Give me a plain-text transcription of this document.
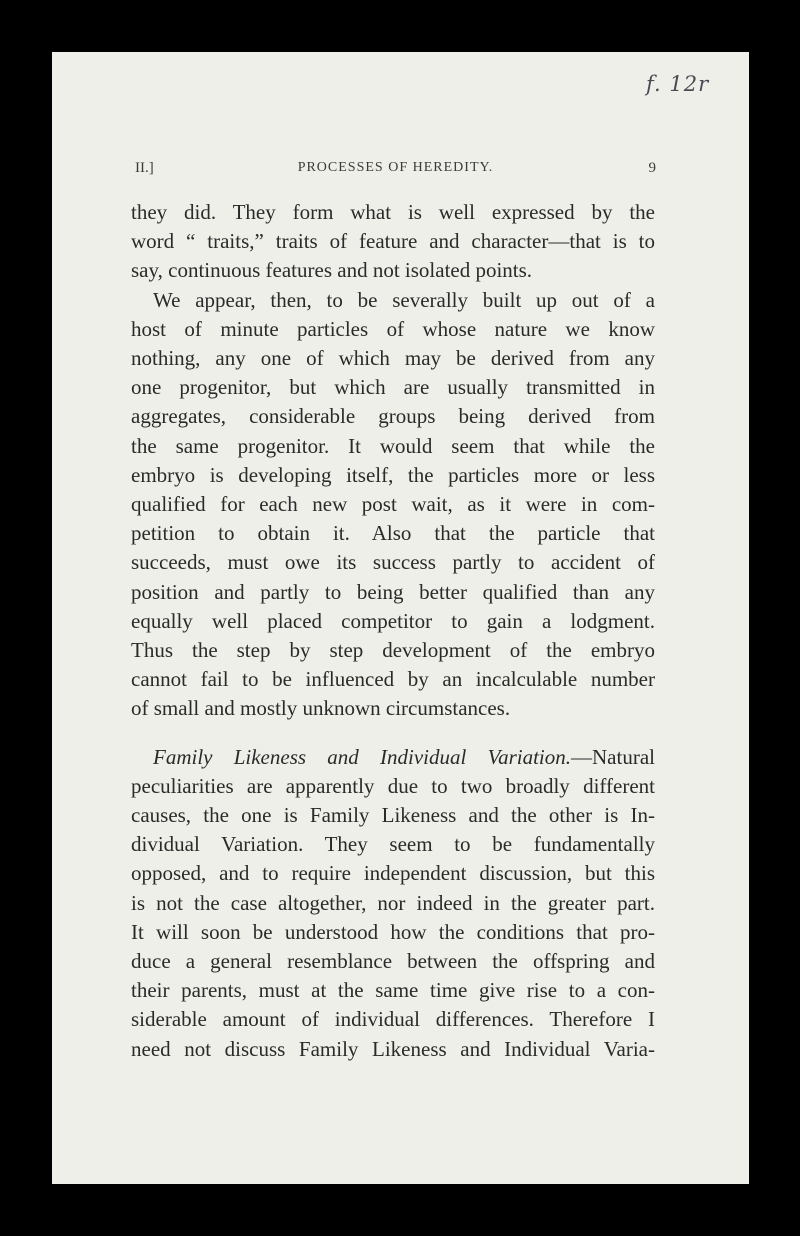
f. 12r
II.]	PROCESSES OF HEREDITY.	9
they did. They form what is well expressed by the
word “ traits,” traits of feature and character—that is to
say, continuous features and not isolated points.
We appear, then, to be severally built up out of a
host of minute particles of whose nature we know
nothing, any one of which may be derived from any
one progenitor, but which are usually transmitted in
aggregates, considerable groups being derived from
the same progenitor. It would seem that while the
embryo is developing itself, the particles more or less
qualified for each new post wait, as it were in com-
petition to obtain it. Also that the particle that
succeeds, must owe its success partly to accident of
position and partly to being better qualified than any
equally well placed competitor to gain a lodgment.
Thus the step by step development of the embryo
cannot fail to be influenced by an incalculable number
of small and mostly unknown circumstances.
Family Likeness and Individual Variation.—Natural
peculiarities are apparently due to two broadly different
causes, the one is Family Likeness and the other is In-
dividual Variation. They seem to be fundamentally
opposed, and to require independent discussion, but this
is not the case altogether, nor indeed in the greater part.
It will soon be understood how the conditions that pro-
duce a general resemblance between the offspring and
their parents, must at the same time give rise to a con-
siderable amount of individual differences. Therefore I
need not discuss Family Likeness and Individual Varia-
